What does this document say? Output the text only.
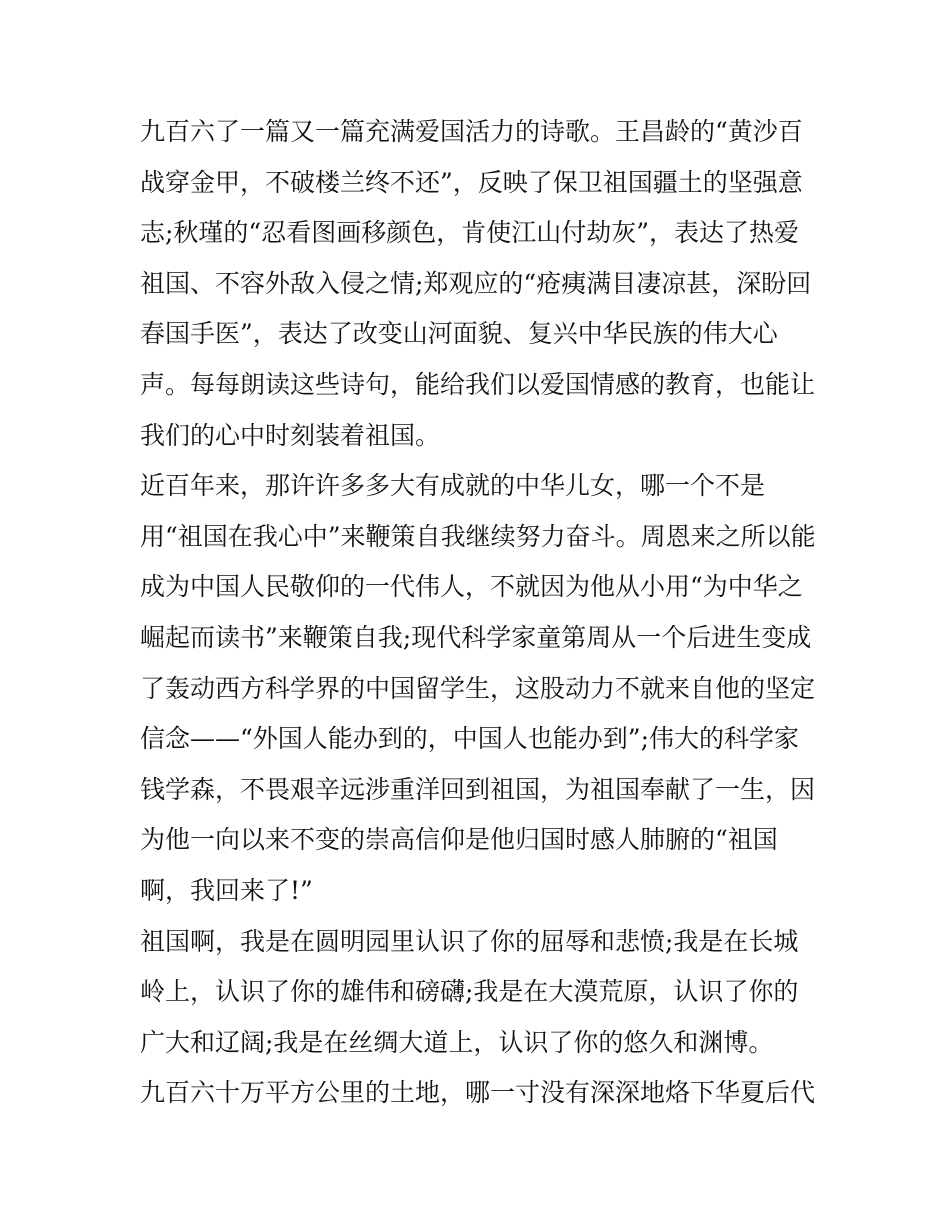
九百六了一篇又一篇充满爱国活力的诗歌。王昌龄的“黄沙百
战穿金甲，不破楼兰终不还”，反映了保卫祖国疆土的坚强意
志;秋瑾的“忍看图画移颜色，肯使江山付劫灰”，表达了热爱
祖国、不容外敌入侵之情;郑观应的“疮痍满目凄凉甚，深盼回
春国手医”，表达了改变山河面貌、复兴中华民族的伟大心
声。每每朗读这些诗句，能给我们以爱国情感的教育，也能让
我们的心中时刻装着祖国。
近百年来，那许许多多大有成就的中华儿女，哪一个不是
用“祖国在我心中”来鞭策自我继续努力奋斗。周恩来之所以能
成为中国人民敬仰的一代伟人，不就因为他从小用“为中华之
崛起而读书”来鞭策自我;现代科学家童第周从一个后进生变成
了轰动西方科学界的中国留学生，这股动力不就来自他的坚定
信念——“外国人能办到的，中国人也能办到”;伟大的科学家
钱学森，不畏艰辛远涉重洋回到祖国，为祖国奉献了一生，因
为他一向以来不变的崇高信仰是他归国时感人肺腑的“祖国
啊，我回来了!”
祖国啊，我是在圆明园里认识了你的屈辱和悲愤;我是在长城
岭上，认识了你的雄伟和磅礴;我是在大漠荒原，认识了你的
广大和辽阔;我是在丝绸大道上，认识了你的悠久和渊博。
九百六十万平方公里的土地，哪一寸没有深深地烙下华夏后代
